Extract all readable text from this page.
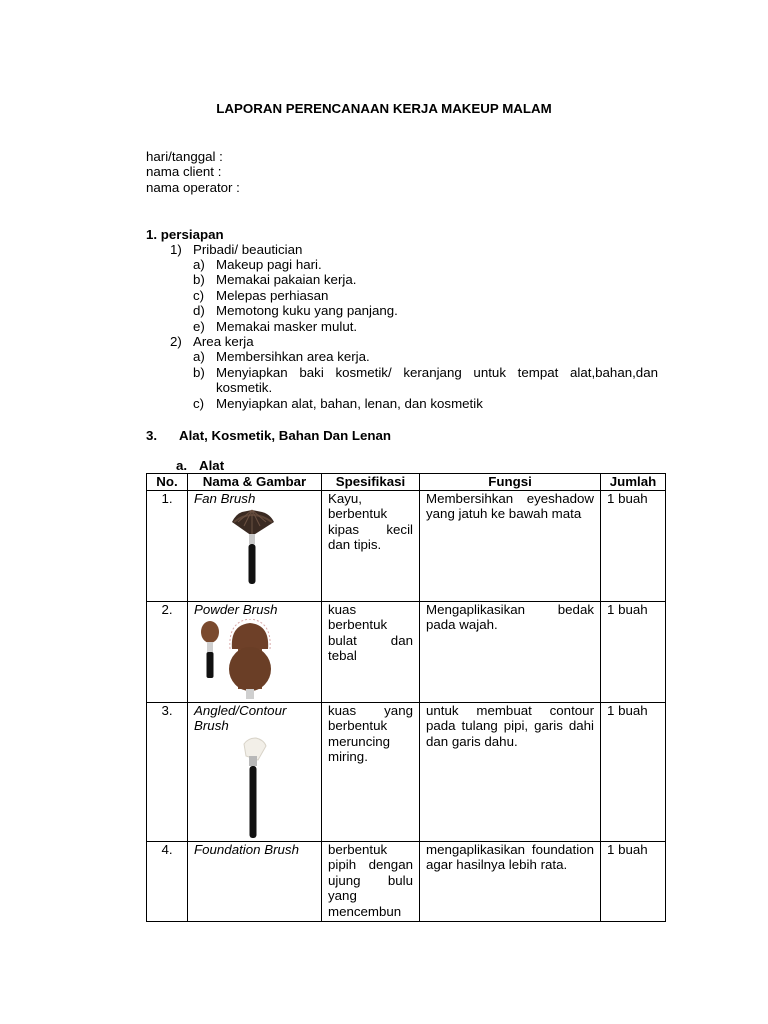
LAPORAN PERENCANAAN KERJA MAKEUP MALAM
hari/tanggal :
nama client :
nama operator :
1. persiapan
1) Pribadi/ beautician
a) Makeup pagi hari.
b) Memakai pakaian kerja.
c) Melepas perhiasan
d) Memotong kuku yang panjang.
e) Memakai masker mulut.
2) Area kerja
a) Membersihkan area kerja.
b) Menyiapkan baki kosmetik/ keranjang untuk tempat alat,bahan,dan
kosmetik.
c) Menyiapkan alat, bahan, lenan, dan kosmetik
3. Alat, Kosmetik, Bahan Dan Lenan
a. Alat
No.	Nama & Gambar	Spesifikasi	Fungsi	Jumlah
1.	Fan Brush	Kayu, berbentuk kipas kecil dan tipis.	Membersihkan eyeshadow yang jatuh ke bawah mata	1 buah
2.	Powder Brush	kuas berbentuk bulat dan tebal	Mengaplikasikan bedak pada wajah.	1 buah
3.	Angled/Contour Brush	kuas yang berbentuk meruncing miring.	untuk membuat contour pada tulang pipi, garis dahi dan garis dahu.	1 buah
4.	Foundation Brush	berbentuk pipih dengan ujung bulu yang mencembun	mengaplikasikan foundation agar hasilnya lebih rata.	1 buah
